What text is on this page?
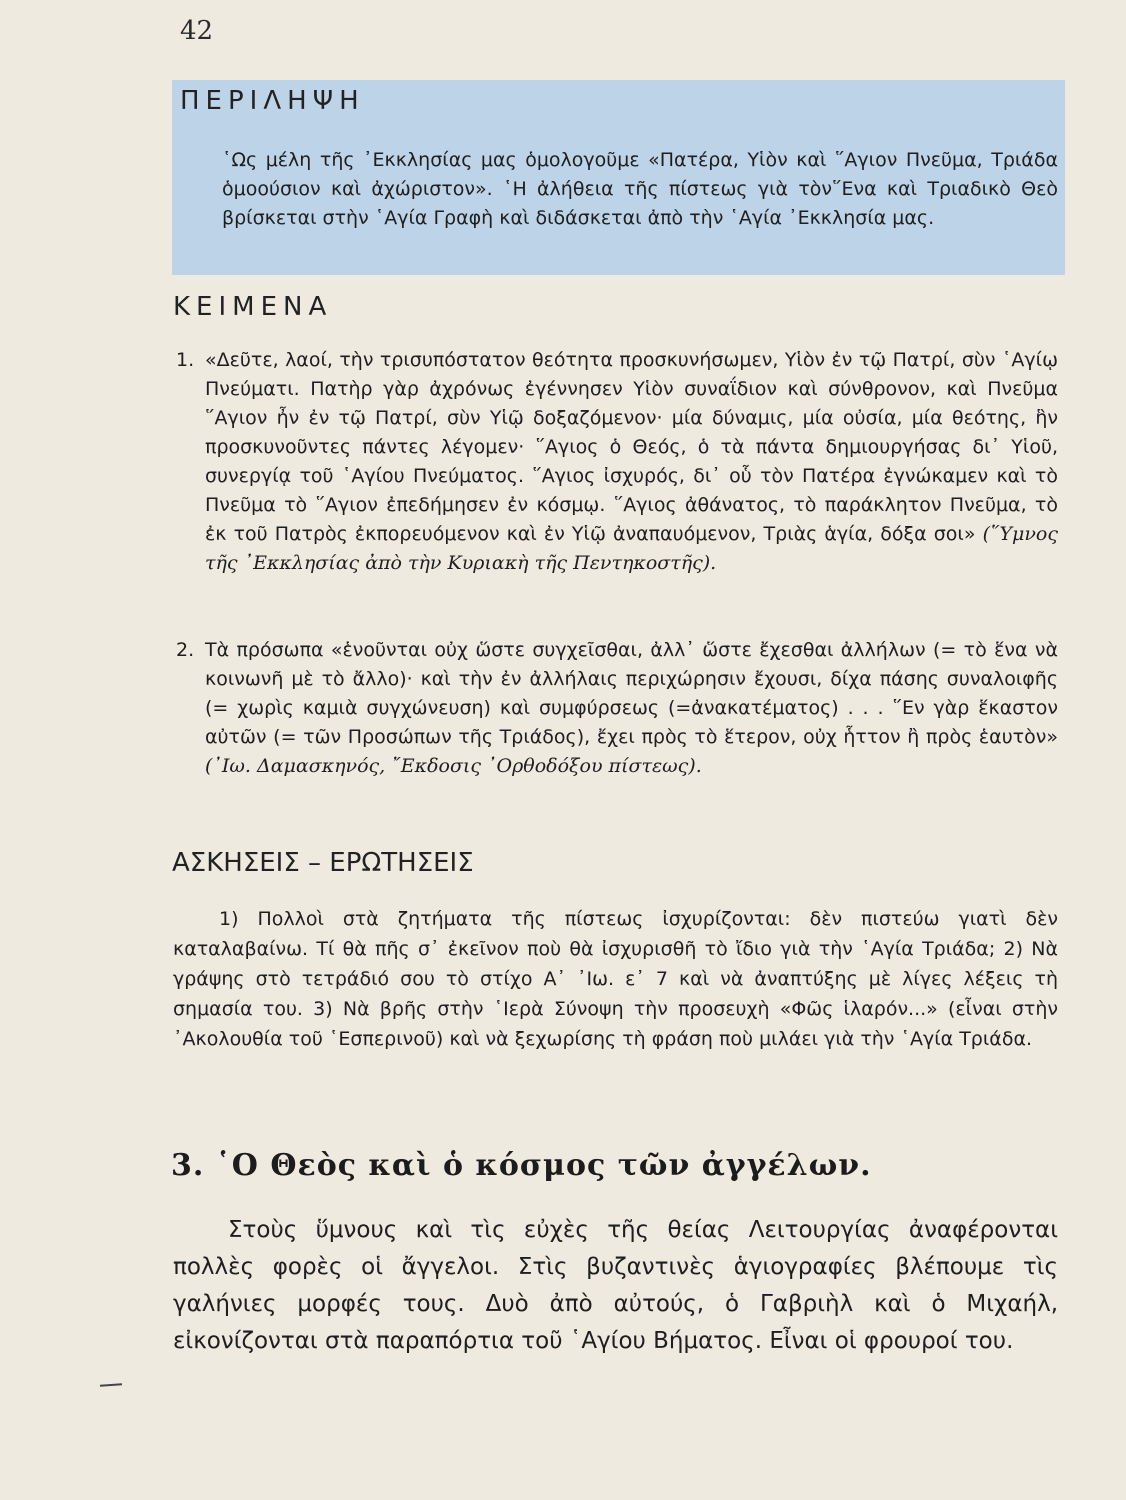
42
ΠΕΡΙΛΗΨΗ

῾Ως μέλη τῆς ᾿Εκκλησίας μας ὁμολογοῦμε «Πατέρα, Υἱὸν καὶ ῞Αγιον Πνεῦμα, Τριάδα ὁμοούσιον καὶ ἀχώριστον». ῾Η ἀλήθεια τῆς πίστεως γιὰ τὸν῞Ενα καὶ Τριαδικὸ Θεὸ βρίσκεται στὴν ῾Αγία Γραφὴ καὶ διδάσκεται ἀπὸ τὴν ῾Αγία ᾿Εκκλησία μας.

ΚΕΙΜΕΝΑ
1. «Δεῦτε, λαοί, τὴν τρισυπόστατον θεότητα προσκυνήσωμεν, Υἱὸν ἐν τῷ Πατρί, σὺν ῾Αγίῳ Πνεύματι. Πατὴρ γὰρ ἀχρόνως ἐγέννησεν Υἱὸν συναΐδιον καὶ σύνθρονον, καὶ Πνεῦμα ῞Αγιον ἦν ἐν τῷ Πατρί, σὺν Υἱῷ δοξαζόμενον· μία δύναμις, μία οὐσία, μία θεότης, ἣν προσκυνοῦντες πάντες λέγομεν· ῞Αγιος ὁ Θεός, ὁ τὰ πάντα δημιουργήσας δι᾿ Υἱοῦ, συνεργίᾳ τοῦ ῾Αγίου Πνεύματος. ῞Αγιος ἰσχυρός, δι᾿ οὗ τὸν Πατέρα ἐγνώκαμεν καὶ τὸ Πνεῦμα τὸ ῞Αγιον ἐπεδήμησεν ἐν κόσμῳ. ῞Αγιος ἀθάνατος, τὸ παράκλητον Πνεῦμα, τὸ ἐκ τοῦ Πατρὸς ἐκπορευόμενον καὶ ἐν Υἱῷ ἀναπαυόμενον, Τριὰς ἁγία, δόξα σοι» (῞Υμνος τῆς ᾿Εκκλησίας ἀπὸ τὴν Κυριακὴ τῆς Πεντηκοστῆς).

2. Τὰ πρόσωπα «ἑνοῦνται οὐχ ὥστε συγχεῖσθαι, ἀλλ᾿ ὥστε ἔχεσθαι ἀλλήλων (= τὸ ἕνα νὰ κοινωνῆ μὲ τὸ ἄλλο)· καὶ τὴν ἐν ἀλλήλαις περιχώρησιν ἔχουσι, δίχα πάσης συναλοιφῆς (= χωρὶς καμιὰ συγχώνευση) καὶ συμφύρσεως (=ἀνακατέματος) . . . ῞Εν γὰρ ἕκαστον αὐτῶν (= τῶν Προσώπων τῆς Τριάδος), ἔχει πρὸς τὸ ἕτερον, οὐχ ἧττον ἢ πρὸς ἑαυτὸν» (᾿Ιω. Δαμασκηνός, ῎Εκδοσις ᾿Ορθοδόξου πίστεως).

ΑΣΚΗΣΕΙΣ – ΕΡΩΤΗΣΕΙΣ

1) Πολλοὶ στὰ ζητήματα τῆς πίστεως ἰσχυρίζονται: δὲν πιστεύω γιατὶ δὲν καταλαβαίνω. Τί θὰ πῆς σ᾿ ἐκεῖνον ποὺ θὰ ἰσχυρισθῆ τὸ ἴδιο γιὰ τὴν ῾Αγία Τριάδα; 2) Νὰ γράψης στὸ τετράδιό σου τὸ στίχο Α᾿ ᾿Ιω. ε᾿ 7 καὶ νὰ ἀναπτύξης μὲ λίγες λέξεις τὴ σημασία του. 3) Νὰ βρῆς στὴν ῾Ιερὰ Σύνοψη τὴν προσευχὴ «Φῶς ἱλαρόν...» (εἶναι στὴν ᾿Ακολουθία τοῦ ῾Εσπερινοῦ) καὶ νὰ ξεχωρίσης τὴ φράση ποὺ μιλάει γιὰ τὴν ῾Αγία Τριάδα.

3. ῾Ο Θεὸς καὶ ὁ κόσμος τῶν ἀγγέλων.

Στοὺς ὕμνους καὶ τὶς εὐχὲς τῆς θείας Λειτουργίας ἀναφέρονται πολλὲς φορὲς οἱ ἄγγελοι. Στὶς βυζαντινὲς ἁγιογραφίες βλέπουμε τὶς γαλήνιες μορφές τους. Δυὸ ἀπὸ αὐτούς, ὁ Γαβριὴλ καὶ ὁ Μιχαήλ, εἰκονίζονται στὰ παραπόρτια τοῦ ῾Αγίου Βήματος. Εἶναι οἱ φρουροί του.
